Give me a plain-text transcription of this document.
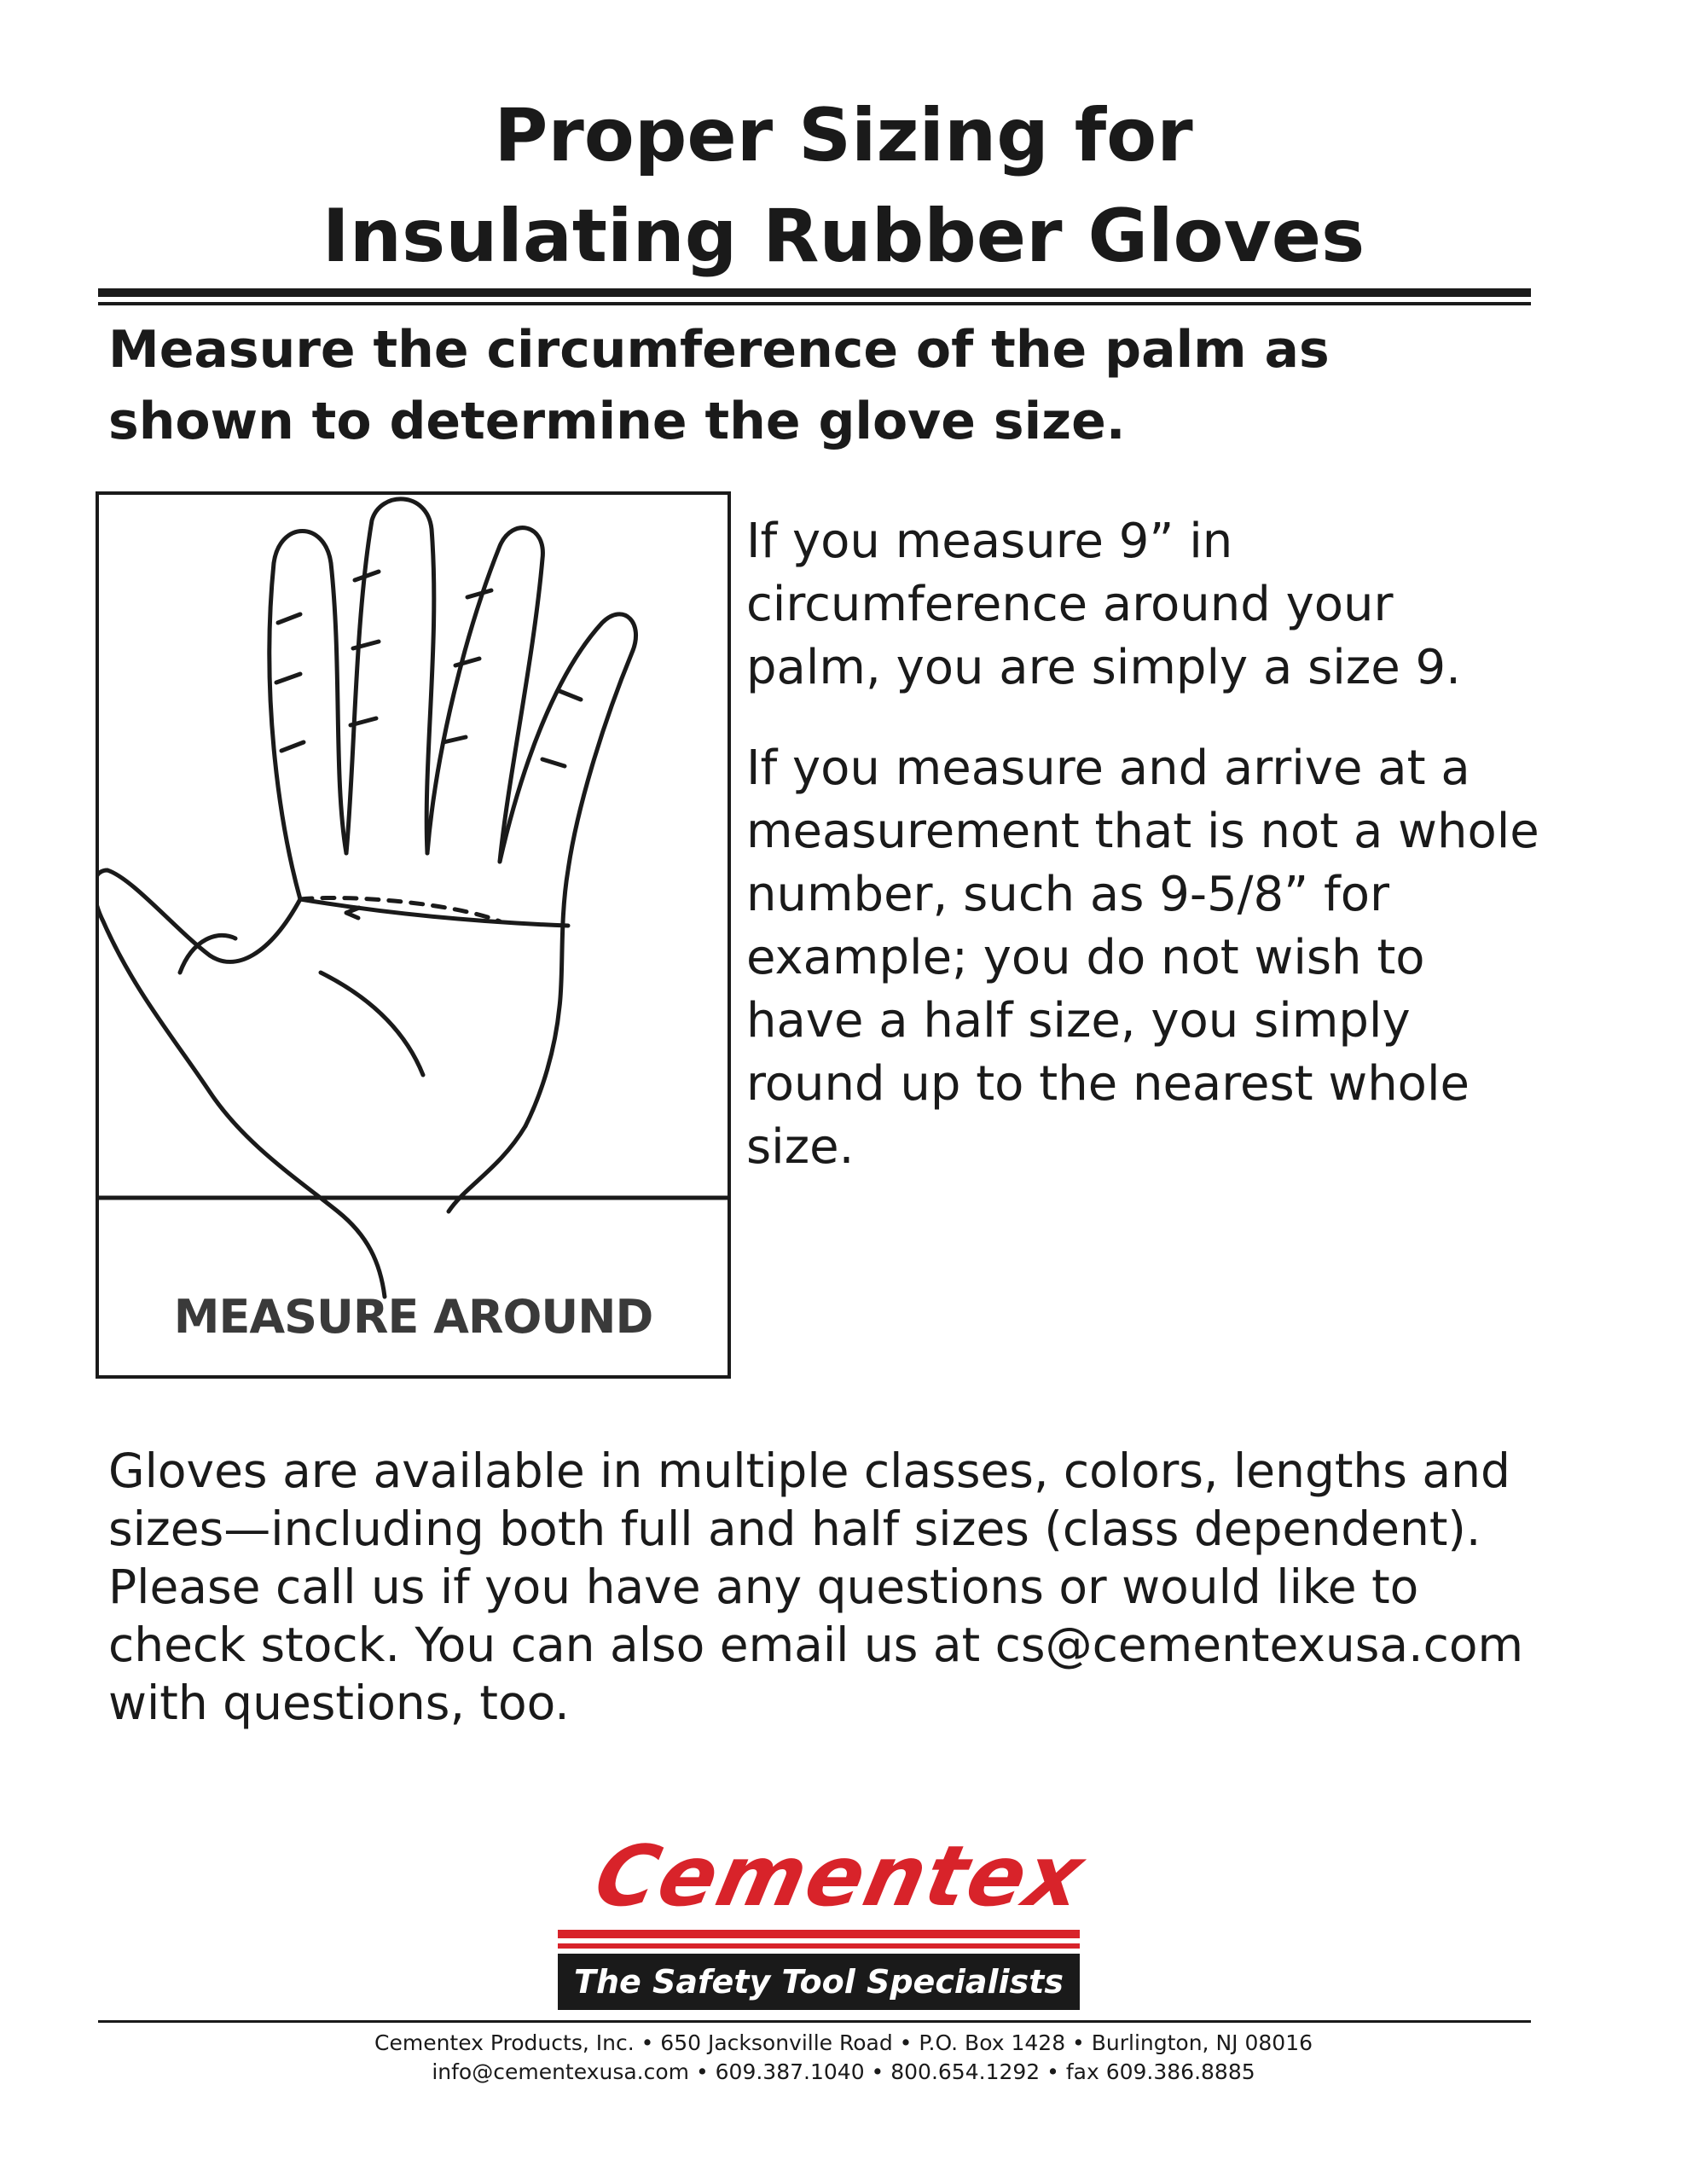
Proper Sizing for
Insulating Rubber Gloves
Measure the circumference of the palm as
shown to determine the glove size.
MEASURE AROUND

If you measure 9” in circumference around your palm, you are simply a size 9.

If you measure and arrive at a measurement that is not a whole number, such as 9-5/8” for example; you do not wish to have a half size, you simply round up to the nearest whole size.

Gloves are available in multiple classes, colors, lengths and sizes—including both full and half sizes (class dependent). Please call us if you have any questions or would like to check stock. You can also email us at cs@cementexusa.com with questions, too.

Cementex
The Safety Tool Specialists
Cementex Products, Inc. • 650 Jacksonville Road • P.O. Box 1428 • Burlington, NJ 08016
info@cementexusa.com • 609.387.1040 • 800.654.1292 • fax 609.386.8885
